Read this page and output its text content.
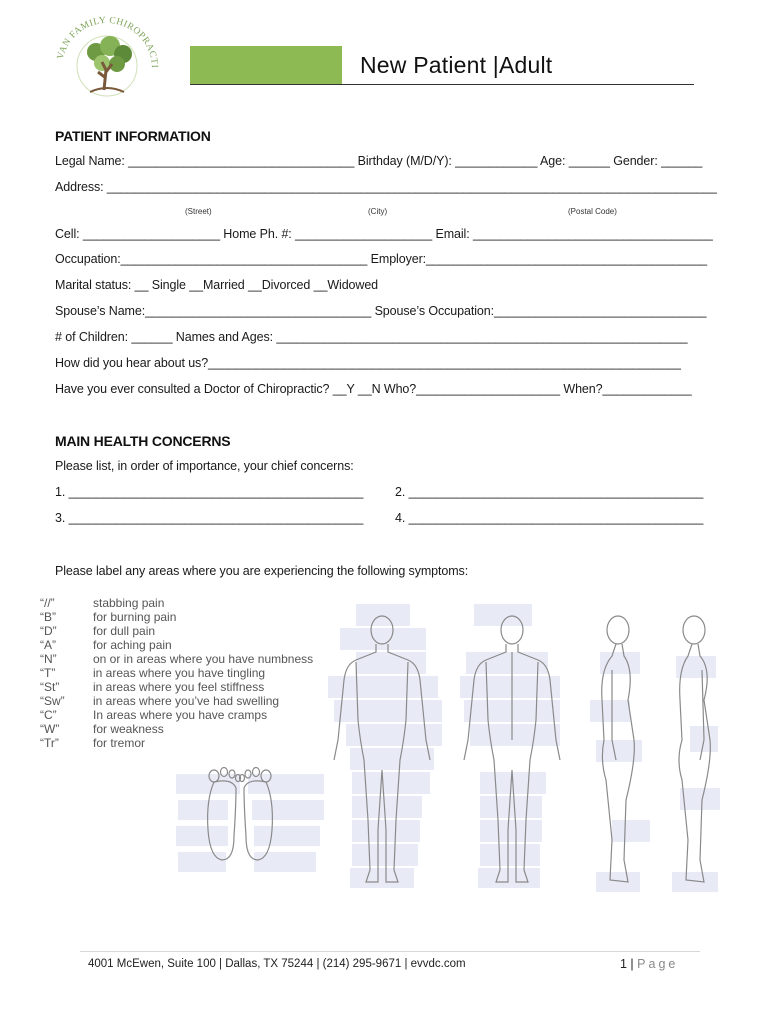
VAN FAMILY CHIROPRACTI	New Patient |Adult
PATIENT INFORMATION
Legal Name: _________________________________ Birthday (M/D/Y): ____________ Age: ______ Gender: ______
Address: _________________________________________________________________________________________
(Street)	(City)	(Postal Code)
Cell: ____________________ Home Ph. #: ____________________ Email: ___________________________________
Occupation:____________________________________ Employer:_________________________________________
Marital status: __ Single __Married __Divorced __Widowed
Spouse’s Name:_________________________________ Spouse’s Occupation:_______________________________
# of Children: ______ Names and Ages: ____________________________________________________________
How did you hear about us?_____________________________________________________________________
Have you ever consulted a Doctor of Chiropractic? __Y __N Who?_____________________ When?_____________
MAIN HEALTH CONCERNS
Please list, in order of importance, your chief concerns:
1. ___________________________________________	2. ___________________________________________
3. ___________________________________________	4. ___________________________________________
Please label any areas where you are experiencing the following symptoms:
“//”	stabbing pain
“B”	for burning pain
“D”	for dull pain
“A”	for aching pain
“N”	on or in areas where you have numbness
“T”	in areas where you have tingling
“St”	in areas where you feel stiffness
“Sw” in areas where you’ve had swelling
“C”	In areas where you have cramps
“W”	for weakness
“Tr”	for tremor
4001 McEwen, Suite 100 | Dallas, TX 75244 | (214) 295-9671 | evvdc.com	1 | Page
